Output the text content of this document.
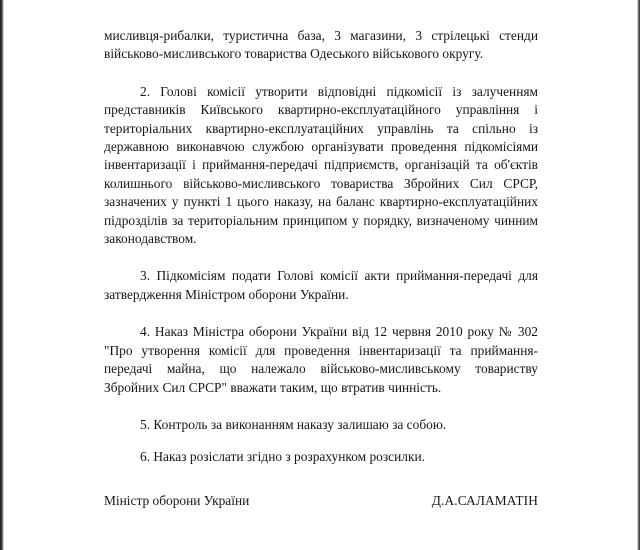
мисливця-рибалки, туристична база, 3 магазини, 3 стрілецькі стенди військово-мисливського товариства Одеського військового округу.

2. Голові комісії утворити відповідні підкомісії із залученням представників Київського квартирно-експлуатаційного управління і територіальних квартирно-експлуатаційних управлінь та спільно із державною виконавчою службою організувати проведення підкомісіями інвентаризації і приймання-передачі підприємств, організацій та об'єктів колишнього військово-мисливського товариства Збройних Сил СРСР, зазначених у пункті 1 цього наказу, на баланс квартирно-експлуатаційних підрозділів за територіальним принципом у порядку, визначеному чинним законодавством.

3. Підкомісіям подати Голові комісії акти приймання-передачі для затвердження Міністром оборони України.

4. Наказ Міністра оборони України від 12 червня 2010 року № 302 "Про утворення комісії для проведення інвентаризації та приймання-передачі майна, що належало військово-мисливському товариству Збройних Сил СРСР" вважати таким, що втратив чинність.

5. Контроль за виконанням наказу залишаю за собою.

6. Наказ розіслати згідно з розрахунком розсилки.

Міністр оборони України	Д.А.САЛАМАТІН
